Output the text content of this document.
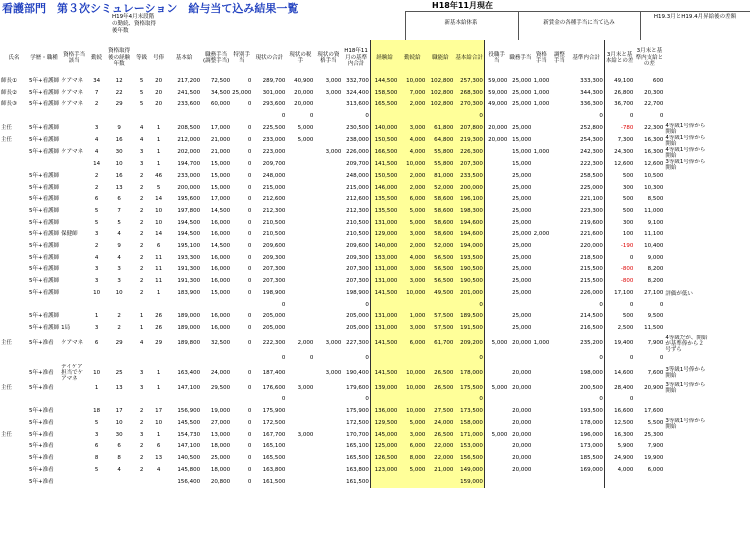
看護部門　第３次シミュレーション　給与当て込み結果一覧	H18年11月現在
H19年4月末段階の勤続、資格取得後年数
新基本給体系	新賃金の各種手当に当て込み
H19.3月とH19.4月昇給後の差額
氏名	学歴・職種	資格手当該当	勤続	資格取得後の経験年数	等級	号俸	基本給	職務手当(調整手当)	特別手当	現状の合計	現状の税手	現状の資格手当	H18年11月の基準内合計	経験給	勤続給	職能給	基本給合計	役職手当	職務手当	資格手当	調整手当	基準内合計	3月末と基本給との差	3月末と基準内支給との差	
師長①	5年+看護師	ケアマネ	34	12	5	20	217,200	72,500	0	289,700	40,900	3,000	332,700	144,500	10,000	102,800	257,300	59,000	25,000	1,000		333,300	49,100	600	
師長②	5年+看護師	ケアマネ	7	22	5	20	241,500	34,500	25,000	301,000	20,000	3,000	324,400	158,500	7,000	102,800	268,300	59,000	25,000	1,000		344,300	26,800	20,300	
師長③	5年+看護師	ケアマネ	2	29	5	20	233,600	60,000	0	293,600	20,000		313,600	165,500	2,000	102,800	270,300	49,000	25,000	1,000		336,300	36,700	22,700	
										0	0		0				0					0	0	0	
主任	5年+看護師		3	9	4	1	208,500	17,000	0	225,500	5,000		230,500	140,000	3,000	61,800	207,800	20,000	25,000			252,800	-780	22,300	4等級1号俸から開始
主任	5年+看護師		4	16	4	1	212,000	21,000	0	233,000	5,000		238,000	150,500	4,000	64,800	219,300	20,000	15,000			254,300	7,300	16,300	4等級1号俸から開始
	5年+看護師	ケアマネ	4	30	3	1	202,000	21,000	0	223,000		3,000	226,000	166,500	4,000	55,800	226,300		15,000	1,000		242,300	24,300	16,300	4等級1号俸から開始
			14	10	3	1	194,700	15,000	0	209,700			209,700	141,500	10,000	55,800	207,300		15,000			222,300	12,600	12,600	3等級1号俸から開始
	5年+看護師		2	16	2	46	233,000	15,000	0	248,000			248,000	150,500	2,000	81,000	233,500		25,000			258,500	500	10,500	
	5年+看護師		2	13	2	5	200,000	15,000	0	215,000			215,000	146,000	2,000	52,000	200,000		25,000			225,000	300	10,300	
	5年+看護師		6	6	2	14	195,600	17,000	0	212,600			212,600	135,500	6,000	58,600	196,100		25,000			221,100	500	8,500	
	5年+看護師		5	7	2	10	197,800	14,500	0	212,300			212,300	135,500	5,000	58,600	198,300		25,000			223,300	500	11,000	
	5年+看護師		5	5	2	10	194,500	16,000	0	210,500			210,500	131,000	5,000	58,600	194,600		25,000			219,600	300	9,100	
	5年+看護師	保健師	3	4	2	14	194,500	16,000	0	210,500			210,500	129,000	3,000	58,600	194,600		25,000	2,000		221,600	100	11,100	
	5年+看護師		2	9	2	6	195,100	14,500	0	209,600			209,600	140,000	2,000	52,000	194,000		25,000			220,000	-190	10,400	
	5年+看護師		4	4	2	11	193,300	16,000	0	209,300			209,300	133,000	4,000	56,500	193,500		25,000			218,500	0	9,000	
	5年+看護師		3	3	2	11	191,300	16,000	0	207,300			207,300	131,000	3,000	56,500	190,500		25,000			215,500	-800	8,200	
	5年+看護師		3	3	2	11	191,300	16,000	0	207,300			207,300	131,000	3,000	56,500	190,500		25,000			215,500	-800	8,200	
	5年+看護師		10	10	2	1	183,900	15,000	0	198,900			198,900	141,500	10,000	49,500	201,000		25,000			226,000	17,100	27,100	評価が低い
										0			0				0					0	0	0	
	5年+看護師		1	2	1	26	189,000	16,000	0	205,000			205,000	131,000	1,000	57,500	189,500		25,000			214,500	500	9,500	
	5年+看護師	1局	3	2	1	26	189,000	16,000	0	205,000			205,000	131,000	3,000	57,500	191,500		25,000			216,500	2,500	11,500	
主任	5年+准看	ケアマネ	6	29	4	29	189,800	32,500	0	222,300	2,000	3,000	227,300	141,500	6,000	61,700	209,200	5,000	20,000	1,000		235,200	19,400	7,900	4等級だが、開始が基準俸から２号ずら
										0	0		0				0					0	0	0	
	5年+准看	デイケア担当でケアマネ	10	25	3	1	163,400	24,000	0	187,400		3,000	190,400	141,500	10,000	26,500	178,000		20,000			198,000	14,600	7,600	3等級1号俸から開始
主任	5年+准看		1	13	3	1	147,100	29,500	0	176,600	3,000		179,600	139,000	10,000	26,500	175,500	5,000	20,000			200,500	28,400	20,900	3等級1号俸から開始
										0			0				0					0	0		
	5年+准看		18	17	2	17	156,900	19,000	0	175,900			175,900	136,000	10,000	27,500	173,500		20,000			193,500	16,600	17,600	
	5年+准看		5	10	2	10	145,500	27,000	0	172,500			172,500	129,500	5,000	24,000	158,000		20,000			178,000	12,500	5,500	3等級1号俸から開始
主任	5年+准看		3	30	3	1	154,730	13,000	0	167,700	3,000		170,700	145,000	3,000	26,500	171,000	5,000	20,000			196,000	16,300	25,300	
	5年+准看		6	6	2	6	147,100	18,000	0	165,100			165,100	125,000	6,000	22,000	153,000		20,000			173,000	5,900	7,900	
	5年+准看		8	8	2	13	140,500	25,000	0	165,500			165,500	126,500	8,000	22,000	156,500		20,000			185,500	24,900	19,900	
	5年+准看		5	4	2	4	145,800	18,000	0	163,800			163,800	123,000	5,000	21,000	149,000		20,000			169,000	4,000	6,000	
	5年+准看						156,400	20,800	0	161,500			161,500				159,000								
